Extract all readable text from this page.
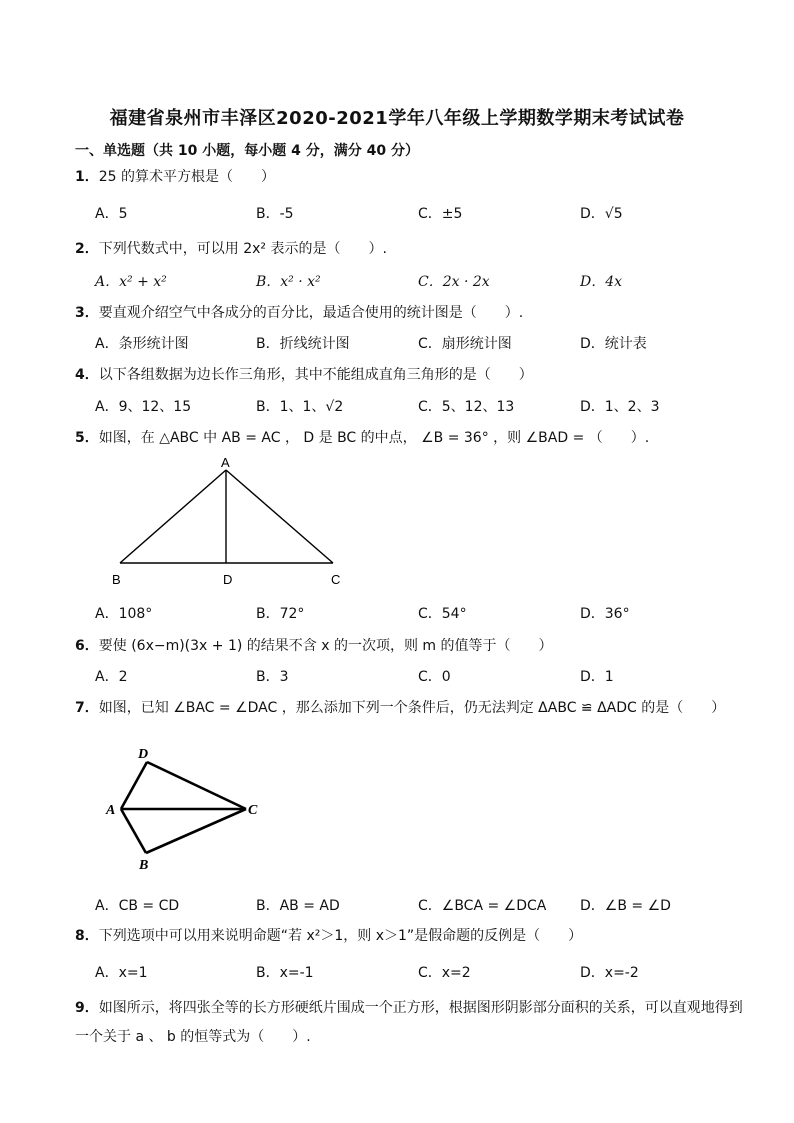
福建省泉州市丰泽区2020-2021学年八年级上学期数学期末考试试卷
一、单选题（共 10 小题，每小题 4 分，满分 40 分）
1．25 的算术平方根是（　　）
A．5	B．-5	C．±5	D．√5
2．下列代数式中，可以用 2x² 表示的是（　　）.
A．x² + x²	B．x² · x²	C．2x · 2x	D．4x
3．要直观介绍空气中各成分的百分比，最适合使用的统计图是（　　）.
A．条形统计图	B．折线统计图	C．扇形统计图	D．统计表
4．以下各组数据为边长作三角形，其中不能组成直角三角形的是（　　）
A．9、12、15	B．1、1、√2	C．5、12、13	D．1、2、3
5．如图，在 △ABC 中 AB = AC ， D 是 BC 的中点， ∠B = 36° ，则 ∠BAD = （　　）.
A
B	D	C
A．108°	B．72°	C．54°	D．36°
6．要使 (6x−m)(3x + 1) 的结果不含 x 的一次项，则 m 的值等于（　　）
A．2	B．3	C．0	D．1
7．如图，已知 ∠BAC = ∠DAC ，那么添加下列一个条件后，仍无法判定 ΔABC ≌ ΔADC 的是（　　）
D
A	C
B
A．CB = CD	B．AB = AD	C．∠BCA = ∠DCA D．∠B = ∠D
8．下列选项中可以用来说明命题“若 x²＞1，则 x＞1”是假命题的反例是（　　）
A．x=1	B．x=-1	C．x=2	D．x=-2
9．如图所示，将四张全等的长方形硬纸片围成一个正方形，根据图形阴影部分面积的关系，可以直观地得到一个关于 a 、 b 的恒等式为（　　）.
